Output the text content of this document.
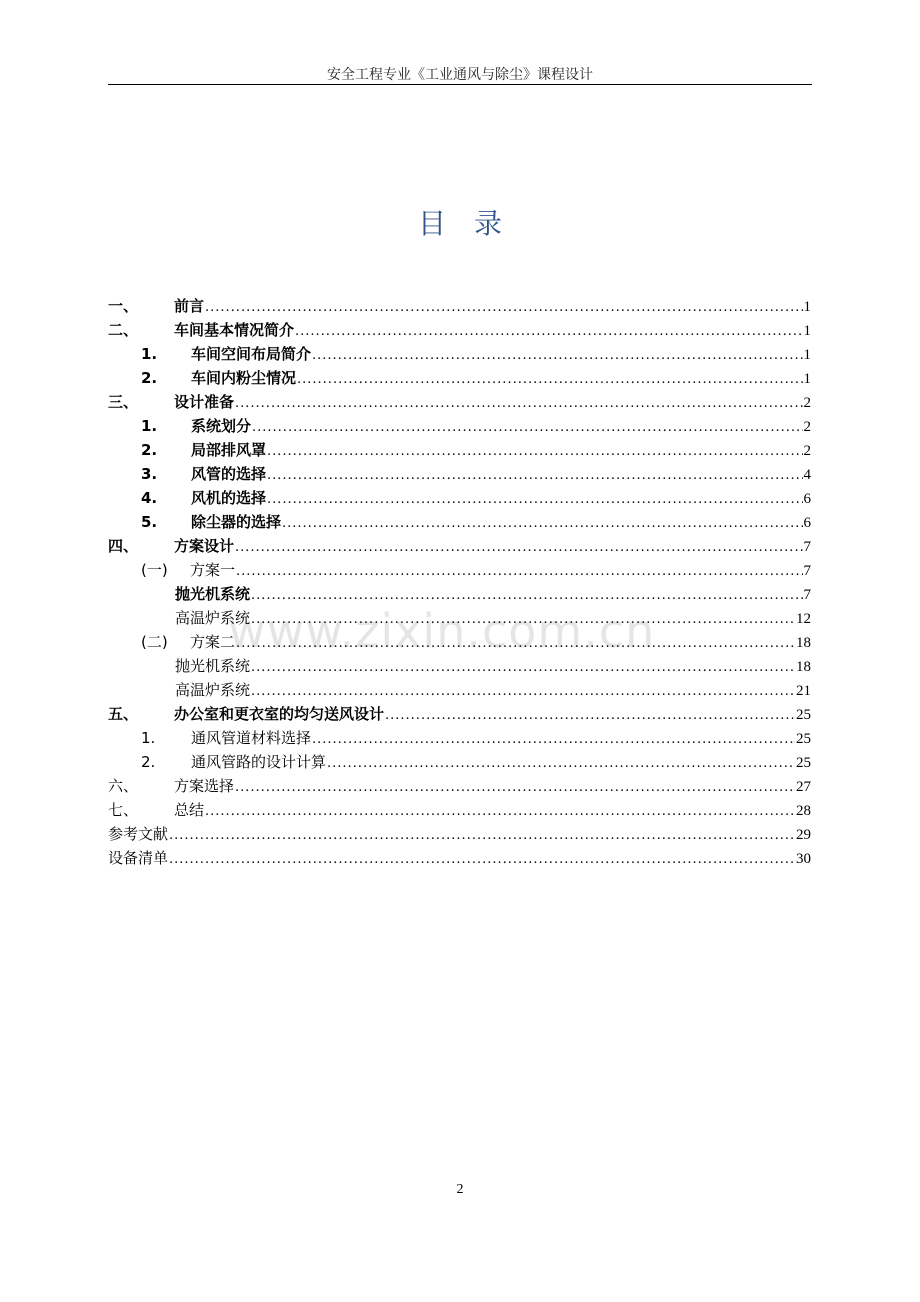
安全工程专业《工业通风与除尘》课程设计
目录
www.zixin.com.cn
一、 前言 .....	1
二、 车间基本情况简介 .....	1
1. 车间空间布局简介 .....	1
2. 车间内粉尘情况 .....	1
三、 设计准备 .....	2
1. 系统划分 .....	2
2. 局部排风罩 .....	2
3. 风管的选择 .....	4
4. 风机的选择 .....	6
5. 除尘器的选择 .....	6
四、 方案设计 .....	7
(一) 方案一 .....	7
抛光机系统 .....	7
高温炉系统 .....	12
(二) 方案二 .....	18
抛光机系统 .....	18
高温炉系统 .....	21
五、 办公室和更衣室的均匀送风设计 .....	25
1. 通风管道材料选择 .....	25
2. 通风管路的设计计算 .....	25
六、 方案选择 .....	27
七、 总结 .....	28
参考文献 .....	29
设备清单 .....	30
2
